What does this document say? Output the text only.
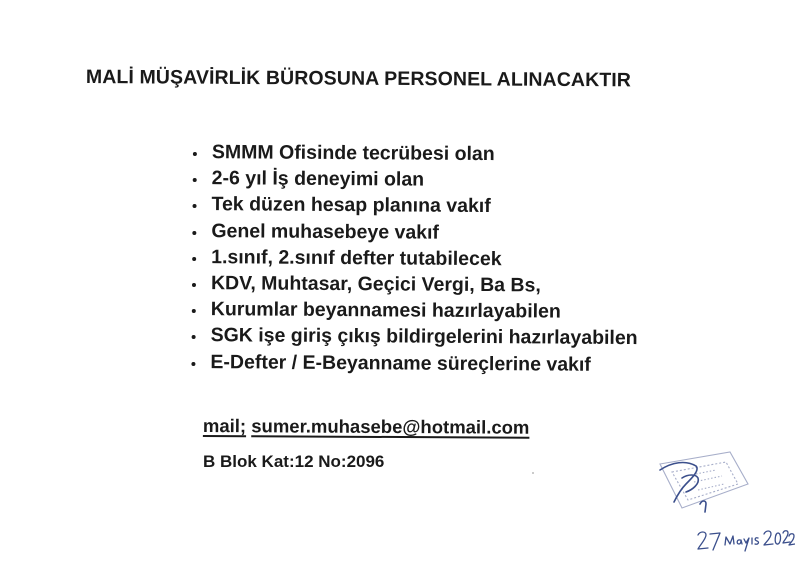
MALİ MÜŞAVİRLİK BÜROSUNA PERSONEL ALINACAKTIR
SMMM Ofisinde tecrübesi olan
2-6 yıl İş deneyimi olan
Tek düzen hesap planına vakıf
Genel muhasebeye vakıf
1.sınıf, 2.sınıf defter tutabilecek
KDV, Muhtasar, Geçici Vergi, Ba Bs,
Kurumlar beyannamesi hazırlayabilen
SGK işe giriş çıkış bildirgelerini hazırlayabilen
E-Defter / E-Beyanname süreçlerine vakıf
mail; sumer.muhasebe@hotmail.com
B Blok Kat:12 No:2096
